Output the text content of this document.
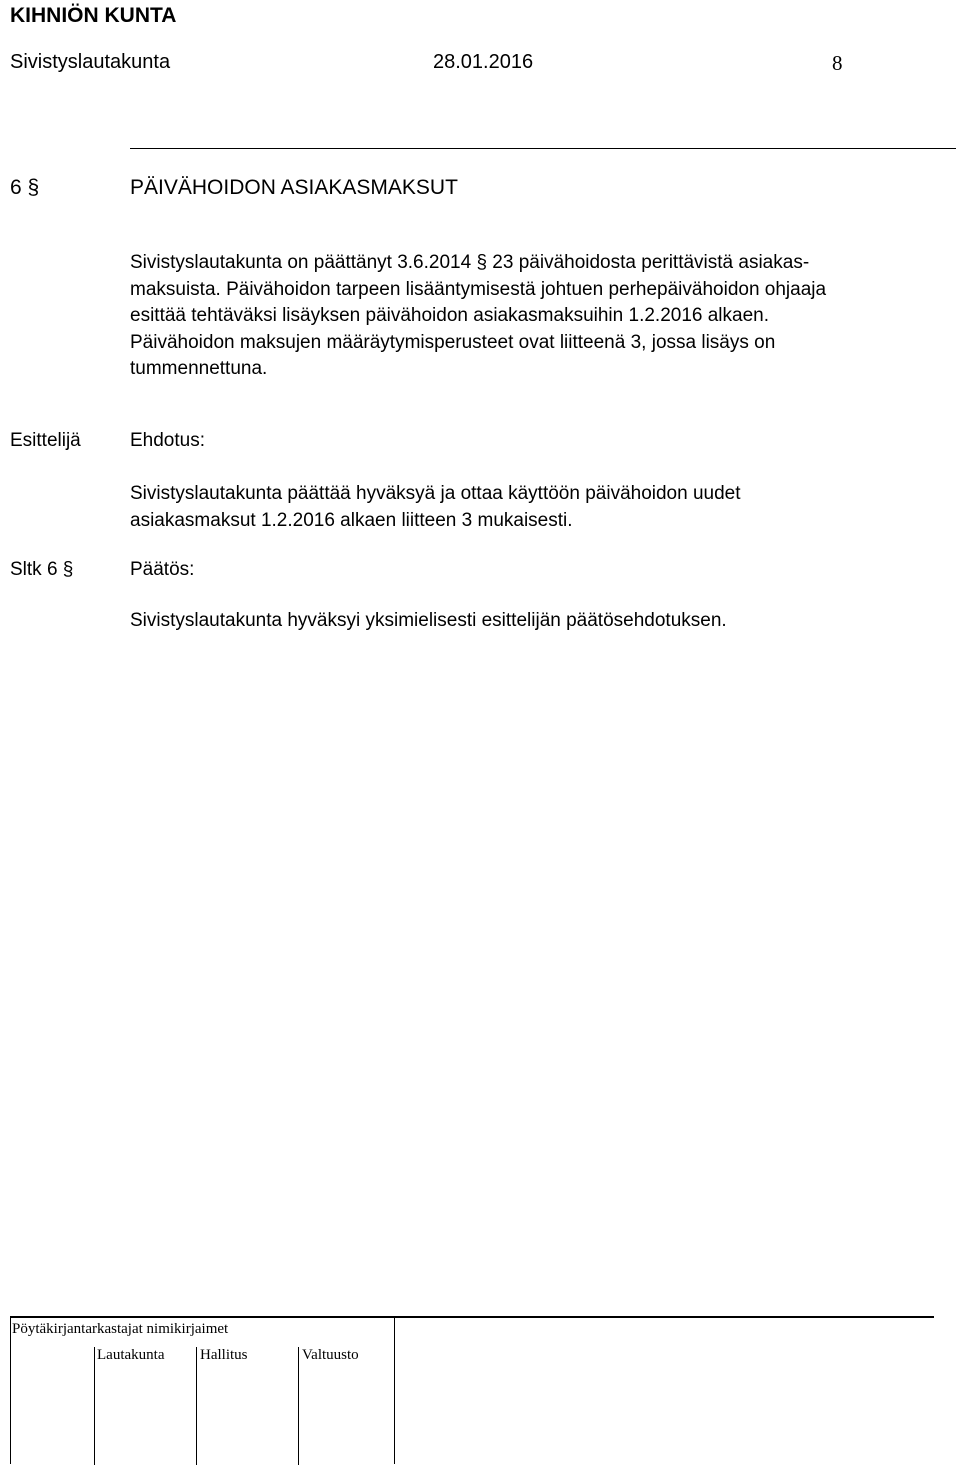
KIHNIÖN KUNTA
Sivistyslautakunta	28.01.2016	8
6 §	PÄIVÄHOIDON ASIAKASMAKSUT
Sivistyslautakunta on päättänyt 3.6.2014 § 23 päivähoidosta perittävistä asiakas-
maksuista. Päivähoidon tarpeen lisääntymisestä johtuen perhepäivähoidon ohjaaja
esittää tehtäväksi lisäyksen päivähoidon asiakasmaksuihin 1.2.2016 alkaen.
Päivähoidon maksujen määräytymisperusteet ovat liitteenä 3, jossa lisäys on
tummennettuna.
Esittelijä	Ehdotus:
Sivistyslautakunta päättää hyväksyä ja ottaa käyttöön päivähoidon uudet
asiakasmaksut 1.2.2016 alkaen liitteen 3 mukaisesti.
Sltk 6 §	Päätös:
Sivistyslautakunta hyväksyi yksimielisesti esittelijän päätösehdotuksen.
Pöytäkirjantarkastajat nimikirjaimet
Lautakunta Hallitus	Valtuusto
